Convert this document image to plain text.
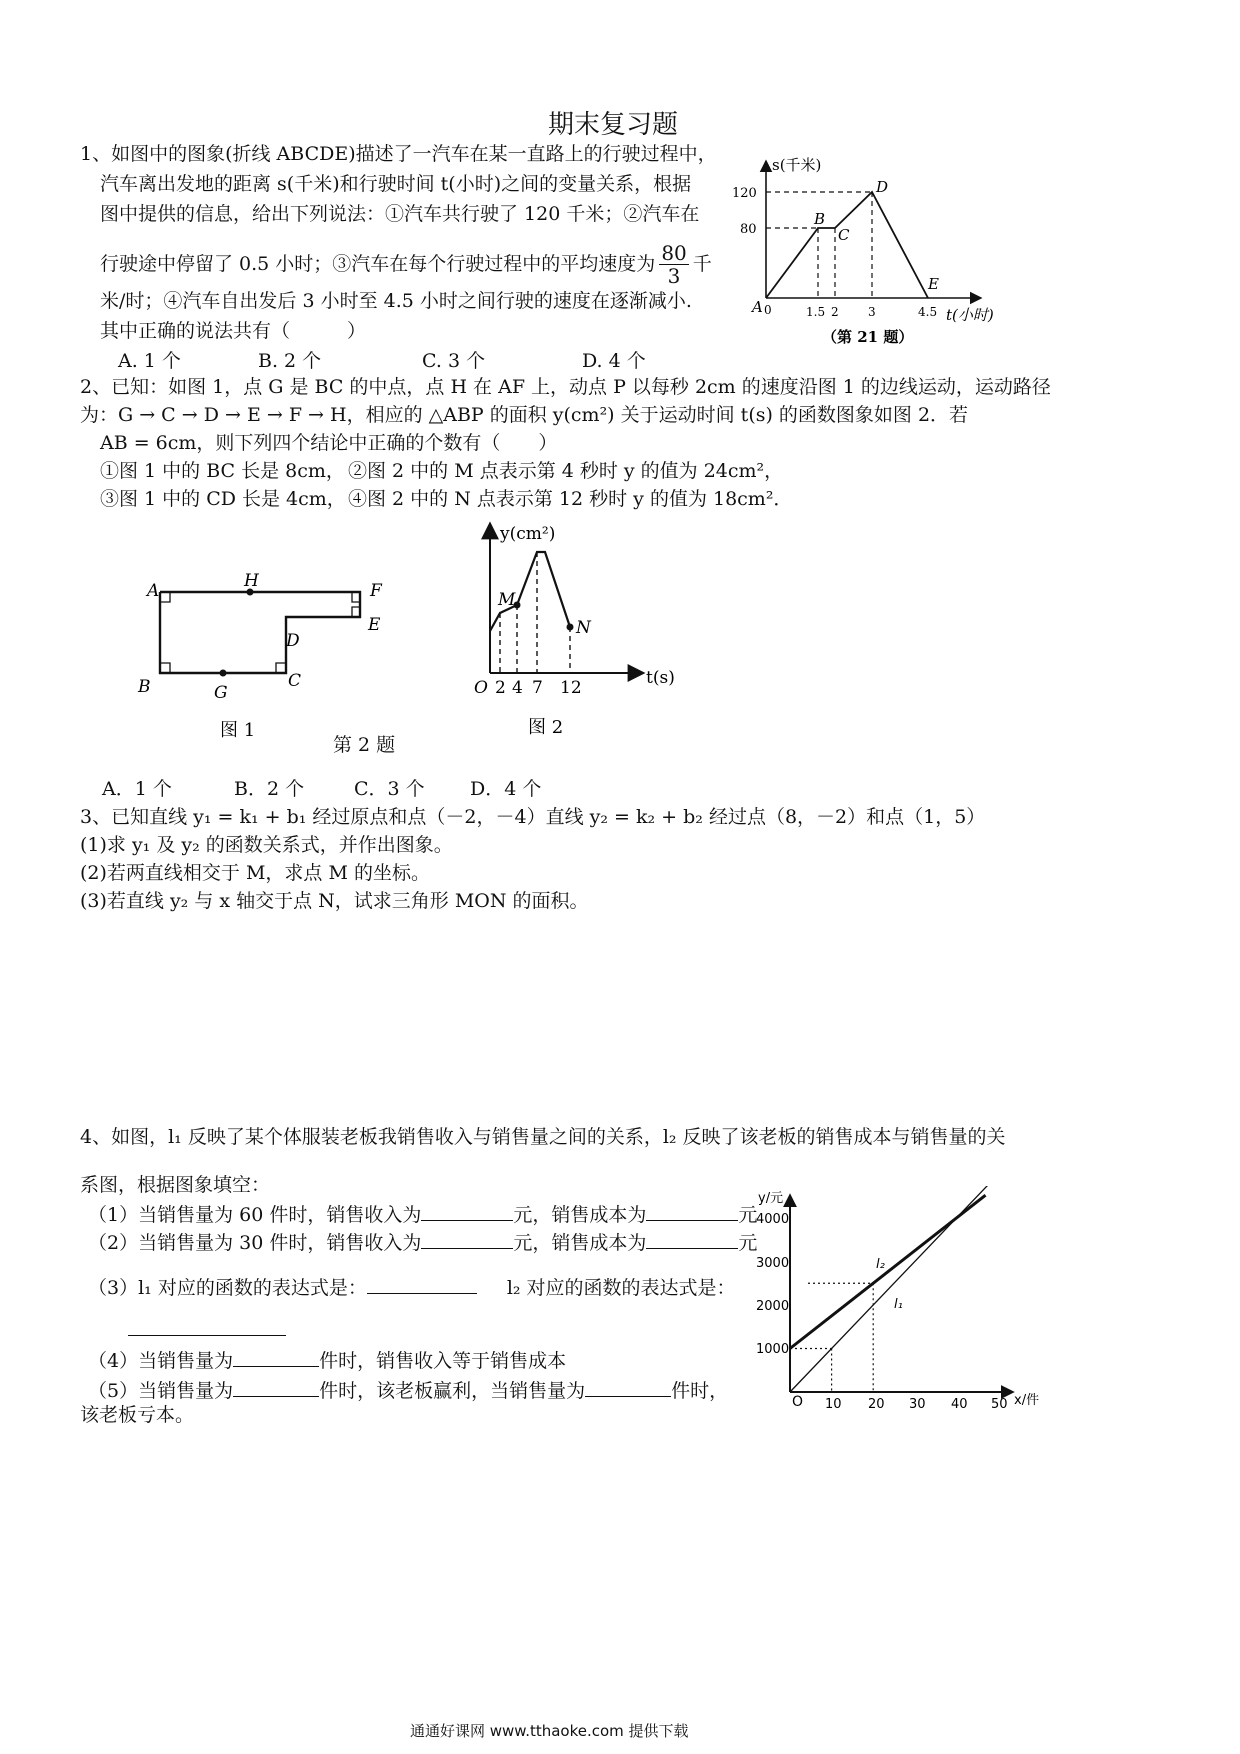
期末复习题
1、如图中的图象(折线 ABCDE)描述了一汽车在某一直路上的行驶过程中，
汽车离出发地的距离 s(千米)和行驶时间 t(小时)之间的变量关系，根据
图中提供的信息，给出下列说法：①汽车共行驶了 120 千米；②汽车在
行驶途中停留了 0.5 小时；③汽车在每个行驶过程中的平均速度为 $\frac{80}{3}$ 千
米/时；④汽车自出发后 3 小时至 4.5 小时之间行驶的速度在逐渐减小.
其中正确的说法共有（　　　）
A. 1 个	B. 2 个	C. 3 个	D. 4 个
s(千米)
t(小时)
120
80
A
B
C
D
E
0	1.5 2 3	4.5
（第 21 题）
2、已知：如图 1，点 G 是 BC 的中点，点 H 在 AF 上，动点 P 以每秒 2cm 的速度沿图 1 的边线运动，运动路径
为：G → C → D → E → F → H，相应的 △ABP 的面积 y(cm²) 关于运动时间 t(s) 的函数图象如图 2．若
AB = 6cm，则下列四个结论中正确的个数有（　　）
①图 1 中的 BC 长是 8cm， ②图 2 中的 M 点表示第 4 秒时 y 的值为 24cm²，
③图 1 中的 CD 长是 4cm， ④图 2 中的 N 点表示第 12 秒时 y 的值为 18cm²．
A	H	F
E
D
B	G
C
图 1
y(cm²)
t(s)
O
M
N
2 4 7 12
图 2
第 2 题
A．1 个	B．2 个	C．3 个 D．4 个
3、已知直线 y₁ = k₁ + b₁ 经过原点和点（－2，－4）直线 y₂ = k₂ + b₂ 经过点（8，－2）和点（1，5）
(1)求 y₁ 及 y₂ 的函数关系式，并作出图象。
(2)若两直线相交于 M，求点 M 的坐标。
(3)若直线 y₂ 与 x 轴交于点 N，试求三角形 MON 的面积。
4、如图，l₁ 反映了某个体服装老板我销售收入与销售量之间的关系，l₂ 反映了该老板的销售成本与销售量的关
系图，根据图象填空：
（1）当销售量为 60 件时，销售收入为	元，销售成本为	元
（2）当销售量为 30 件时，销售收入为	元，销售成本为	元
（3）l₁ 对应的函数的表达式是：	l₂ 对应的函数的表达式是：
（4）当销售量为	件时，销售收入等于销售成本
（5）当销售量为	件时，该老板赢利，当销售量为	件时，
该老板亏本。
y/元
x/件
O
4000
3000
2000
1000
10 20 30 40 50
l₂
l₁
通通好课网 www.tthaoke.com 提供下载
